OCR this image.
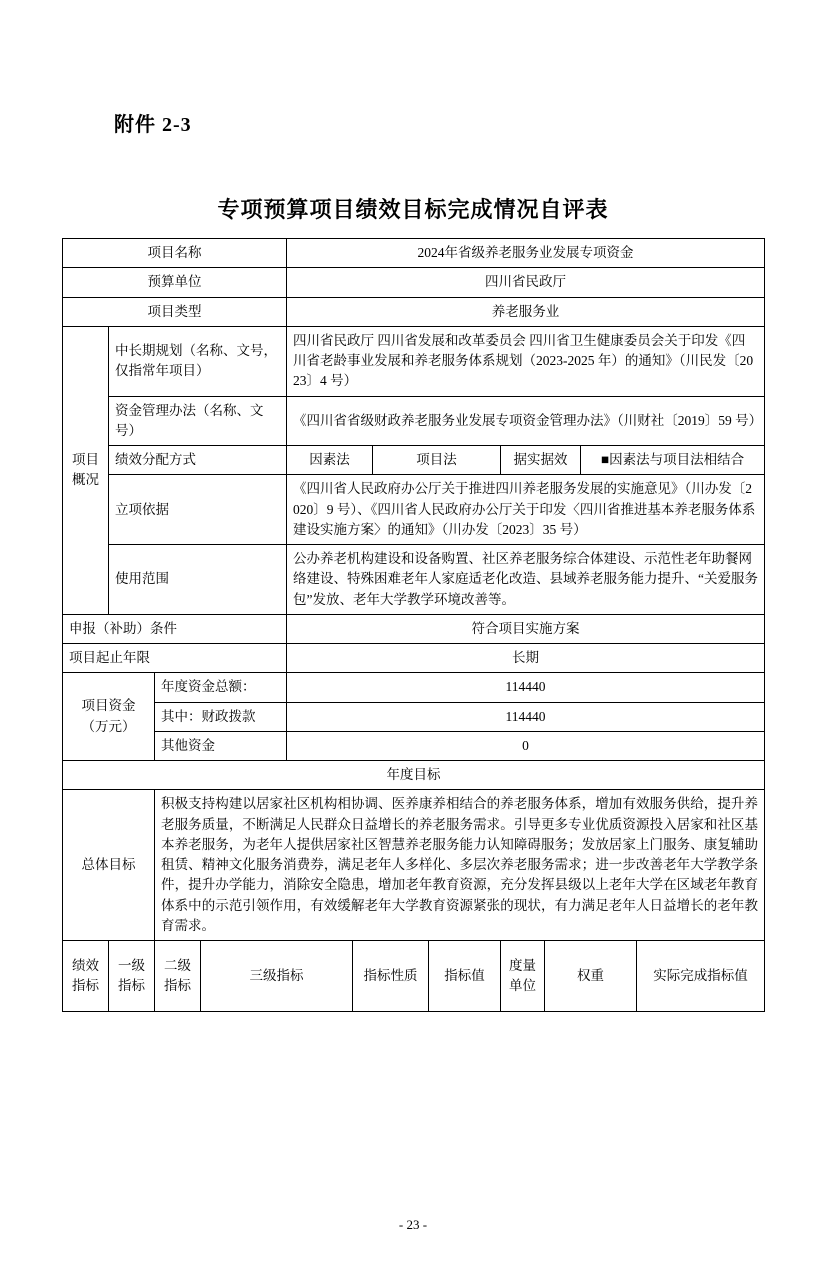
附件 2-3
专项预算项目绩效目标完成情况自评表
项目名称				2024年省级养老服务业发展专项资金							
预算单位				四川省民政厅							
项目类型				养老服务业							
项目概况	中长期规划（名称、文号，仅指常年项目）			四川省民政厅 四川省发展和改革委员会 四川省卫生健康委员会关于印发《四川省老龄事业发展和养老服务体系规划（2023-2025 年）的通知》（川民发〔2023〕4 号）							
	资金管理办法（名称、文号）			《四川省省级财政养老服务业发展专项资金管理办法》（川财社〔2019〕59 号）							
	绩效分配方式			因素法		项目法		据实据效		■因素法与项目法相结合	
	立项依据			《四川省人民政府办公厅关于推进四川养老服务发展的实施意见》（川办发〔2020〕9 号）、《四川省人民政府办公厅关于印发〈四川省推进基本养老服务体系建设实施方案〉的通知》（川办发〔2023〕35 号）							
	使用范围			公办养老机构建设和设备购置、社区养老服务综合体建设、示范性老年助餐网络建设、特殊困难老年人家庭适老化改造、县域养老服务能力提升、“关爱服务包”发放、老年大学教学环境改善等。							
申报（补助）条件				符合项目实施方案							
项目起止年限				长期							
项目资金（万元）		年度资金总额：		114440							
		其中：财政拨款		114440							
		其他资金		0							
年度目标											
总体目标		积极支持构建以居家社区机构相协调、医养康养相结合的养老服务体系，增加有效服务供给，提升养老服务质量，不断满足人民群众日益增长的养老服务需求。引导更多专业优质资源投入居家和社区基本养老服务，为老年人提供居家社区智慧养老服务能力认知障碍服务；发放居家上门服务、康复辅助租赁、精神文化服务消费券，满足老年人多样化、多层次养老服务需求；进一步改善老年大学教学条件，提升办学能力，消除安全隐患，增加老年教育资源，充分发挥县级以上老年大学在区域老年教育体系中的示范引领作用，有效缓解老年大学教育资源紧张的现状，有力满足老年人日益增长的老年教育需求。									
绩效指标	一级指标	二级指标	三级指标		指标性质		指标值	度量单位	权重		实际完成指标值
- 23 -
